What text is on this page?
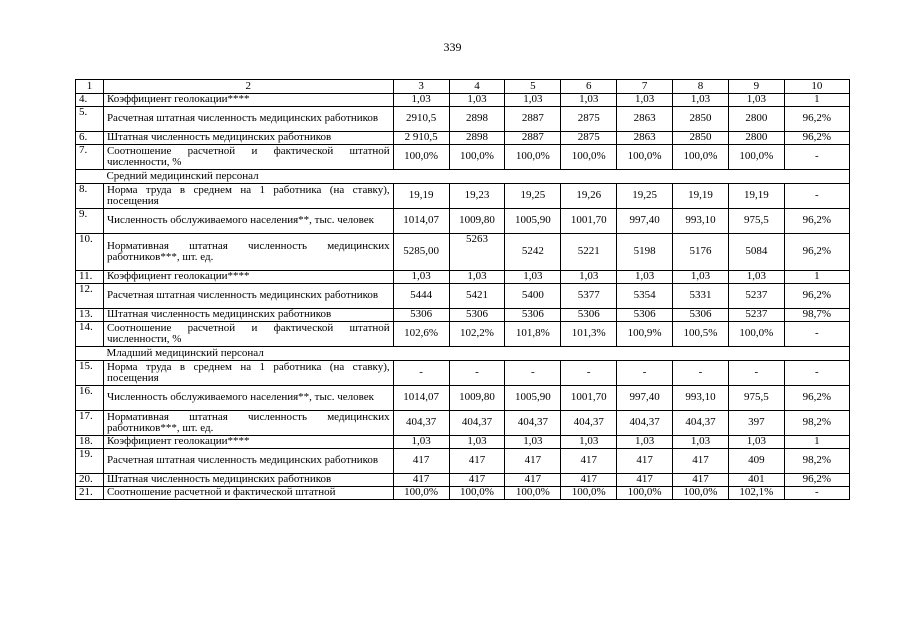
339
1	2	3	4	5	6	7	8	9	10
4.	Коэффициент геолокации****	1,03	1,03	1,03	1,03	1,03	1,03	1,03	1
5.	Расчетная штатная численность медицинских работников	2910,5	2898	2887	2875	2863	2850	2800	96,2%
6.	Штатная численность медицинских работников	2 910,5	2898	2887	2875	2863	2850	2800	96,2%
7.	Соотношение расчетной и фактической штатной численности, %	100,0%	100,0%	100,0%	100,0%	100,0%	100,0%	100,0%	-
	Средний медицинский персонал								
8.	Норма труда в среднем на 1 работника (на ставку), посещения	19,19	19,23	19,25	19,26	19,25	19,19	19,19	-
9.	Численность обслуживаемого населения**, тыс. человек	1014,07	1009,80	1005,90	1001,70	997,40	993,10	975,5	96,2%
10.	Нормативная штатная численность медицинских работников***, шт. ед.	5285,00	5263	5242	5221	5198	5176	5084	96,2%
11.	Коэффициент геолокации****	1,03	1,03	1,03	1,03	1,03	1,03	1,03	1
12.	Расчетная штатная численность медицинских работников	5444	5421	5400	5377	5354	5331	5237	96,2%
13.	Штатная численность медицинских работников	5306	5306	5306	5306	5306	5306	5237	98,7%
14.	Соотношение расчетной и фактической штатной численности, %	102,6%	102,2%	101,8%	101,3%	100,9%	100,5%	100,0%	-
	Младший медицинский персонал								
15.	Норма труда в среднем на 1 работника (на ставку), посещения	-	-	-	-	-	-	-	-
16.	Численность обслуживаемого населения**, тыс. человек	1014,07	1009,80	1005,90	1001,70	997,40	993,10	975,5	96,2%
17.	Нормативная штатная численность медицинских работников***, шт. ед.	404,37	404,37	404,37	404,37	404,37	404,37	397	98,2%
18.	Коэффициент геолокации****	1,03	1,03	1,03	1,03	1,03	1,03	1,03	1
19.	Расчетная штатная численность медицинских работников	417	417	417	417	417	417	409	98,2%
20.	Штатная численность медицинских работников	417	417	417	417	417	417	401	96,2%
21.	Соотношение расчетной и фактической штатной	100,0%	100,0%	100,0%	100,0%	100,0%	100,0%	102,1%	-
